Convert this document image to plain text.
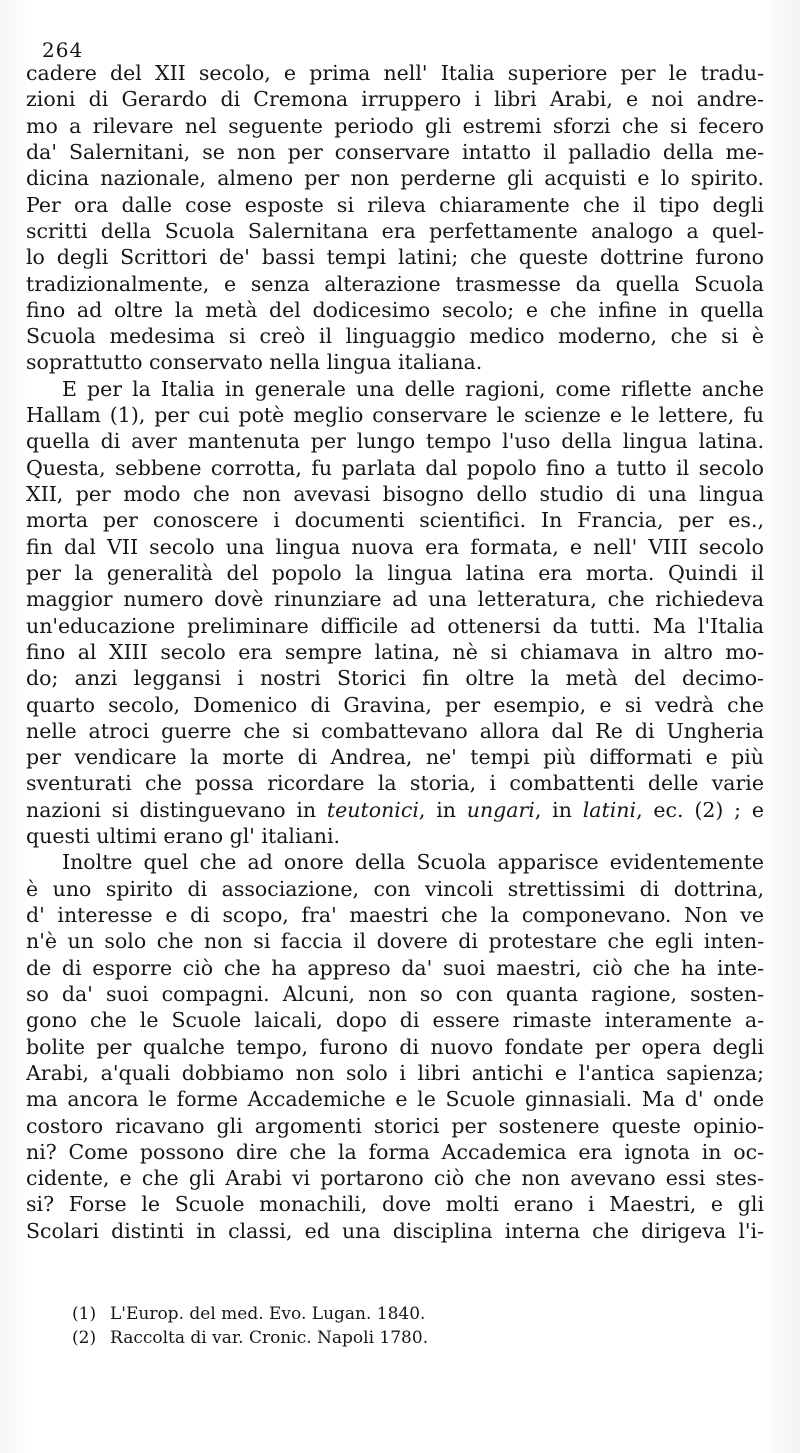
264
cadere del XII secolo, e prima nell' Italia superiore per le tradu-
zioni di Gerardo di Cremona irruppero i libri Arabi, e noi andre-
mo a rilevare nel seguente periodo gli estremi sforzi che si fecero
da' Salernitani, se non per conservare intatto il palladio della me-
dicina nazionale, almeno per non perderne gli acquisti e lo spirito.
Per ora dalle cose esposte si rileva chiaramente che il tipo degli
scritti della Scuola Salernitana era perfettamente analogo a quel-
lo degli Scrittori de' bassi tempi latini; che queste dottrine furono
tradizionalmente, e senza alterazione trasmesse da quella Scuola
fino ad oltre la metà del dodicesimo secolo; e che infine in quella
Scuola medesima si creò il linguaggio medico moderno, che si è
soprattutto conservato nella lingua italiana.
E per la Italia in generale una delle ragioni, come riflette anche
Hallam (1), per cui potè meglio conservare le scienze e le lettere, fu
quella di aver mantenuta per lungo tempo l'uso della lingua latina.
Questa, sebbene corrotta, fu parlata dal popolo fino a tutto il secolo
XII, per modo che non avevasi bisogno dello studio di una lingua
morta per conoscere i documenti scientifici. In Francia, per es.,
fin dal VII secolo una lingua nuova era formata, e nell' VIII secolo
per la generalità del popolo la lingua latina era morta. Quindi il
maggior numero dovè rinunziare ad una letteratura, che richiedeva
un'educazione preliminare difficile ad ottenersi da tutti. Ma l'Italia
fino al XIII secolo era sempre latina, nè si chiamava in altro mo-
do; anzi leggansi i nostri Storici fin oltre la metà del decimo-
quarto secolo, Domenico di Gravina, per esempio, e si vedrà che
nelle atroci guerre che si combattevano allora dal Re di Ungheria
per vendicare la morte di Andrea, ne' tempi più difformati e più
sventurati che possa ricordare la storia, i combattenti delle varie
nazioni si distinguevano in teutonici, in ungari, in latini, ec. (2) ; e
questi ultimi erano gl' italiani.
Inoltre quel che ad onore della Scuola apparisce evidentemente
è uno spirito di associazione, con vincoli strettissimi di dottrina,
d' interesse e di scopo, fra' maestri che la componevano. Non ve
n'è un solo che non si faccia il dovere di protestare che egli inten-
de di esporre ciò che ha appreso da' suoi maestri, ciò che ha inte-
so da' suoi compagni. Alcuni, non so con quanta ragione, sosten-
gono che le Scuole laicali, dopo di essere rimaste interamente a-
bolite per qualche tempo, furono di nuovo fondate per opera degli
Arabi, a'quali dobbiamo non solo i libri antichi e l'antica sapienza;
ma ancora le forme Accademiche e le Scuole ginnasiali. Ma d' onde
costoro ricavano gli argomenti storici per sostenere queste opinio-
ni? Come possono dire che la forma Accademica era ignota in oc-
cidente, e che gli Arabi vi portarono ciò che non avevano essi stes-
si? Forse le Scuole monachili, dove molti erano i Maestri, e gli
Scolari distinti in classi, ed una disciplina interna che dirigeva l'i-
(1) L'Europ. del med. Evo. Lugan. 1840.
(2) Raccolta di var. Cronic. Napoli 1780.
